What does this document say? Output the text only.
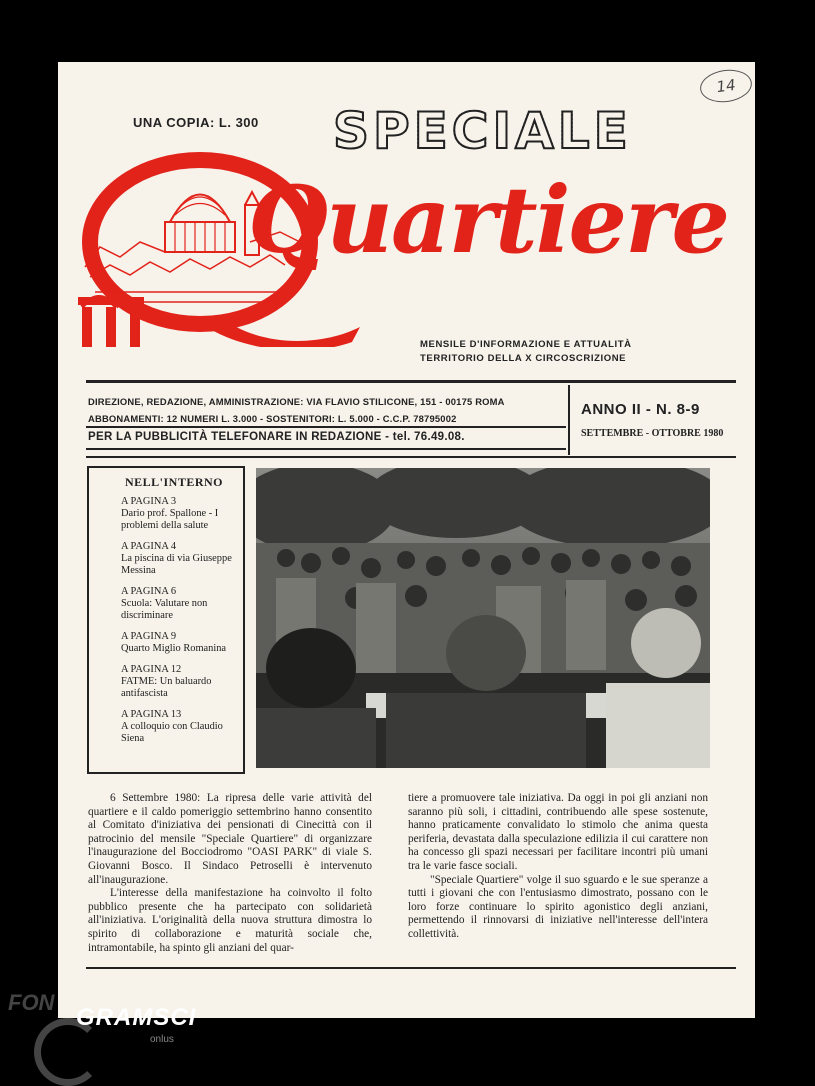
14
UNA COPIA: L. 300 SPECIALE
Quartiere
MENSILE D'INFORMAZIONE E ATTUALITÀ
TERRITORIO DELLA X CIRCOSCRIZIONE
DIREZIONE, REDAZIONE, AMMINISTRAZIONE: VIA FLAVIO STILICONE, 151 - 00175 ROMA
ABBONAMENTI: 12 NUMERI L. 3.000 - SOSTENITORI: L. 5.000 - C.C.P. 78795002
PER LA PUBBLICITÀ TELEFONARE IN REDAZIONE - tel. 76.49.08.
ANNO II - N. 8-9
SETTEMBRE - OTTOBRE 1980
NELL'INTERNO
A PAGINA 3
Dario prof. Spallone - I problemi della salute
A PAGINA 4
La piscina di via Giuseppe Messina
A PAGINA 6
Scuola: Valutare non discriminare
A PAGINA 9
Quarto Miglio Romanina
A PAGINA 12
FATME: Un baluardo antifascista
A PAGINA 13
A colloquio con Claudio Siena

6 Settembre 1980: La ripresa delle varie attività del quartiere e il caldo pomeriggio settembrino hanno consentito al Comitato d'iniziativa dei pensionati di Cinecittà con il patrocinio del mensile "Speciale Quartiere" di organizzare l'inaugurazione del Bocciodromo "OASI PARK" di viale S. Giovanni Bosco. Il Sindaco Petroselli è intervenuto all'inaugurazione.

L'interesse della manifestazione ha coinvolto il folto pubblico presente che ha partecipato con solidarietà all'iniziativa. L'originalità della nuova struttura dimostra lo spirito di collaborazione e maturità sociale che, intramontabile, ha spinto gli anziani del quar-

tiere a promuovere tale iniziativa. Da oggi in poi gli anziani non saranno più soli, i cittadini, contribuendo alle spese sostenute, hanno praticamente convalidato lo stimolo che anima questa periferia, devastata dalla speculazione edilizia il cui carattere non ha concesso gli spazi necessari per facilitare incontri più umani tra le varie fasce sociali.

"Speciale Quartiere" volge il suo sguardo e le sue speranze a tutti i giovani che con l'entusiasmo dimostrato, possano con le loro forze continuare lo spirito agonistico degli anziani, permettendo il rinnovarsi di iniziative nell'interesse dell'intera collettività.

FON
GRAMSCI
onlus
